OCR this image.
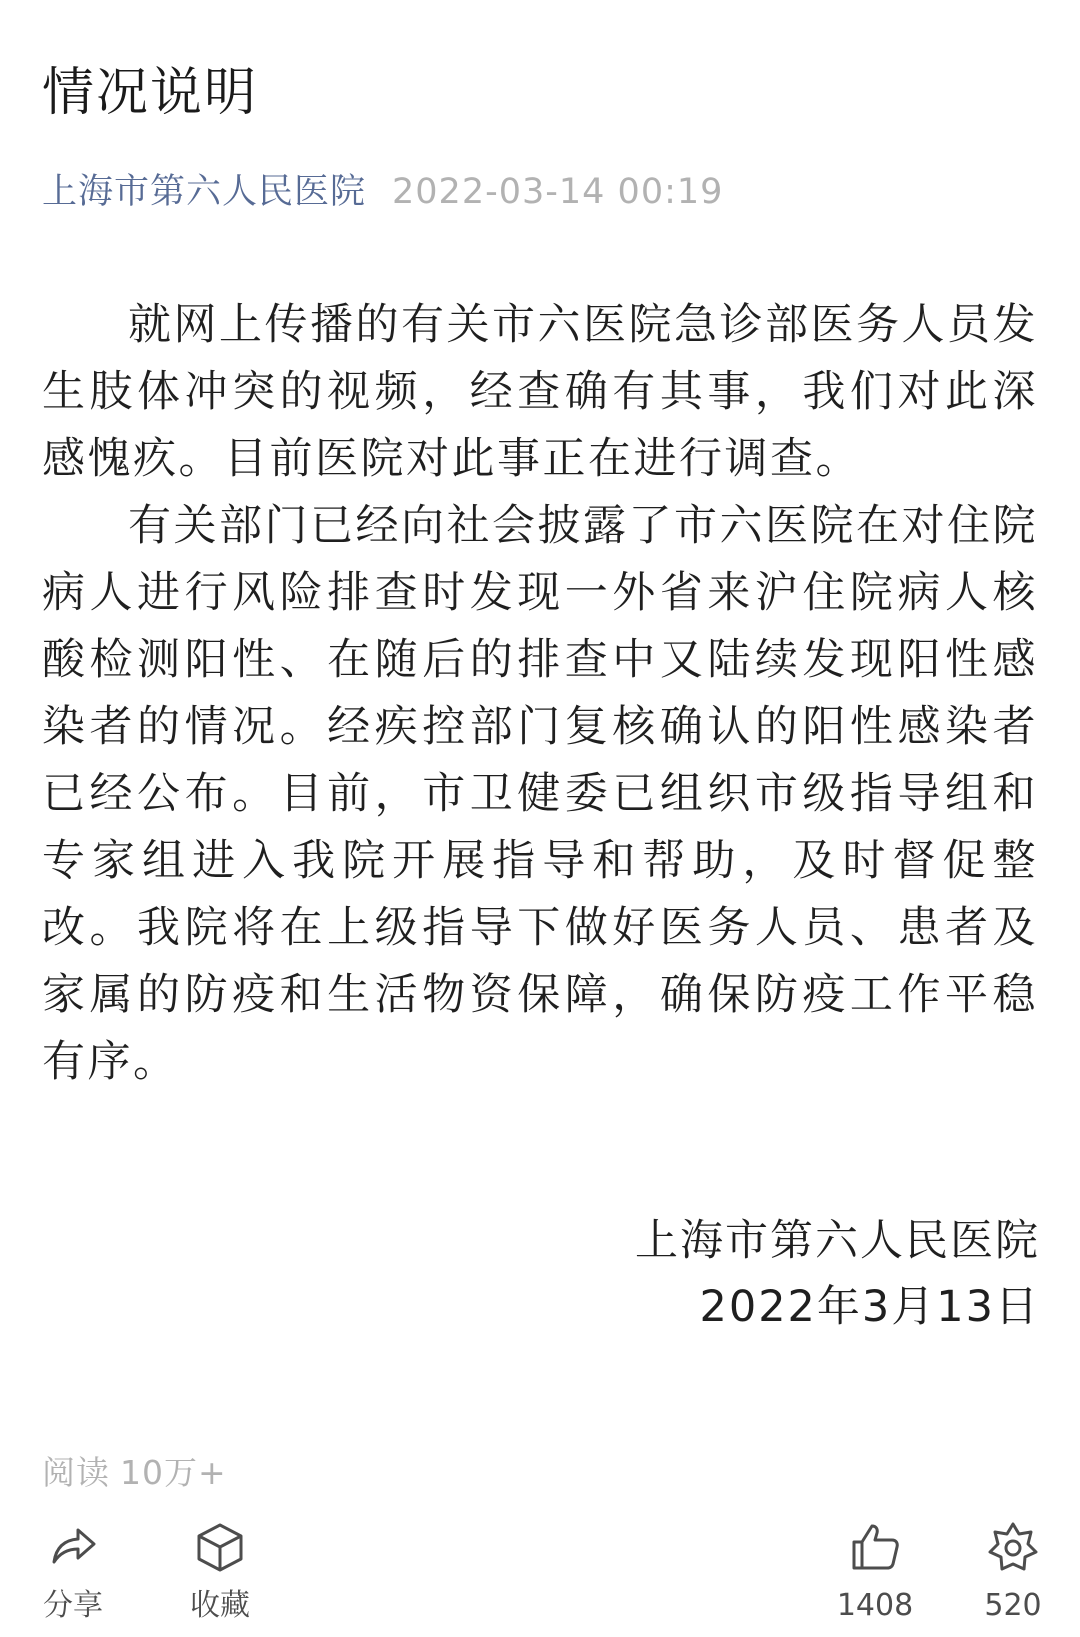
情况说明
上海市第六人民医院 2022-03-14 00:19

就网上传播的有关市六医院急诊部医务人员发生肢体冲突的视频，经查确有其事，我们对此深感愧疚。目前医院对此事正在进行调查。

有关部门已经向社会披露了市六医院在对住院病人进行风险排查时发现一外省来沪住院病人核酸检测阳性、在随后的排查中又陆续发现阳性感染者的情况。经疾控部门复核确认的阳性感染者已经公布。目前，市卫健委已组织市级指导组和专家组进入我院开展指导和帮助，及时督促整改。我院将在上级指导下做好医务人员、患者及家属的防疫和生活物资保障，确保防疫工作平稳有序。

上海市第六人民医院
2022年3月13日
阅读 10万+
分享	收藏	1408	520
